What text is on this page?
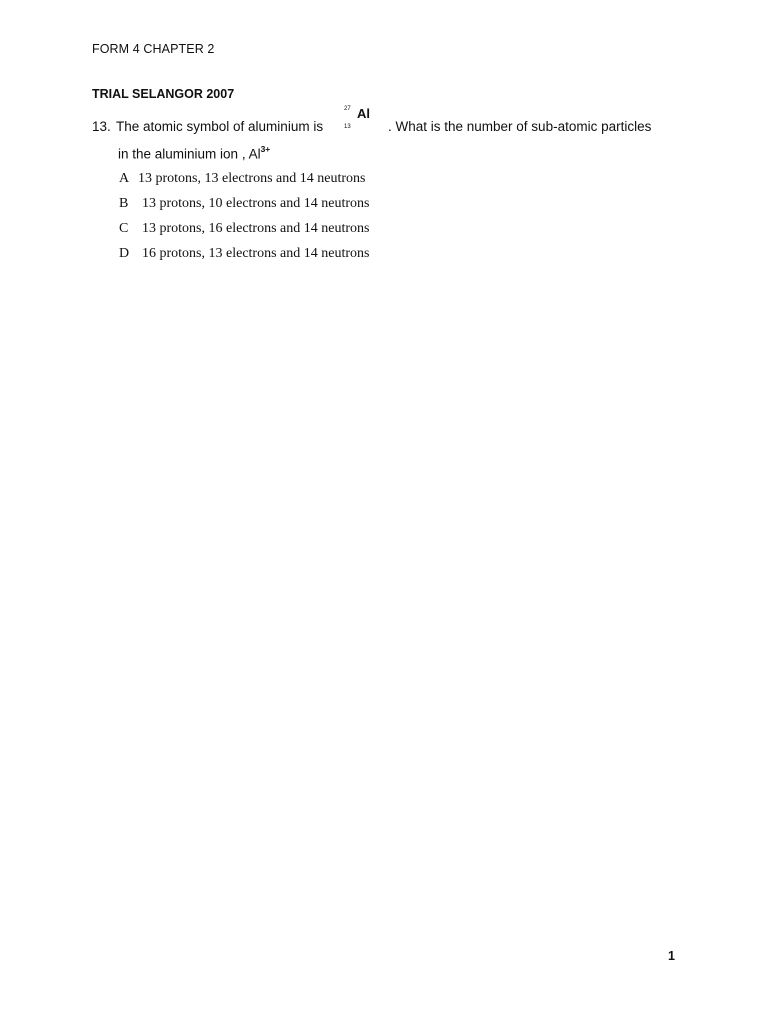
FORM 4 CHAPTER 2
TRIAL SELANGOR 2007
13. The atomic symbol of aluminium is
27
13
Al
. What is the number of sub-atomic particles
in the aluminium ion , $Al^{3+}$
A 13 protons, 13 electrons and 14 neutrons
B 13 protons, 10 electrons and 14 neutrons
C 13 protons, 16 electrons and 14 neutrons
D 16 protons, 13 electrons and 14 neutrons
1
